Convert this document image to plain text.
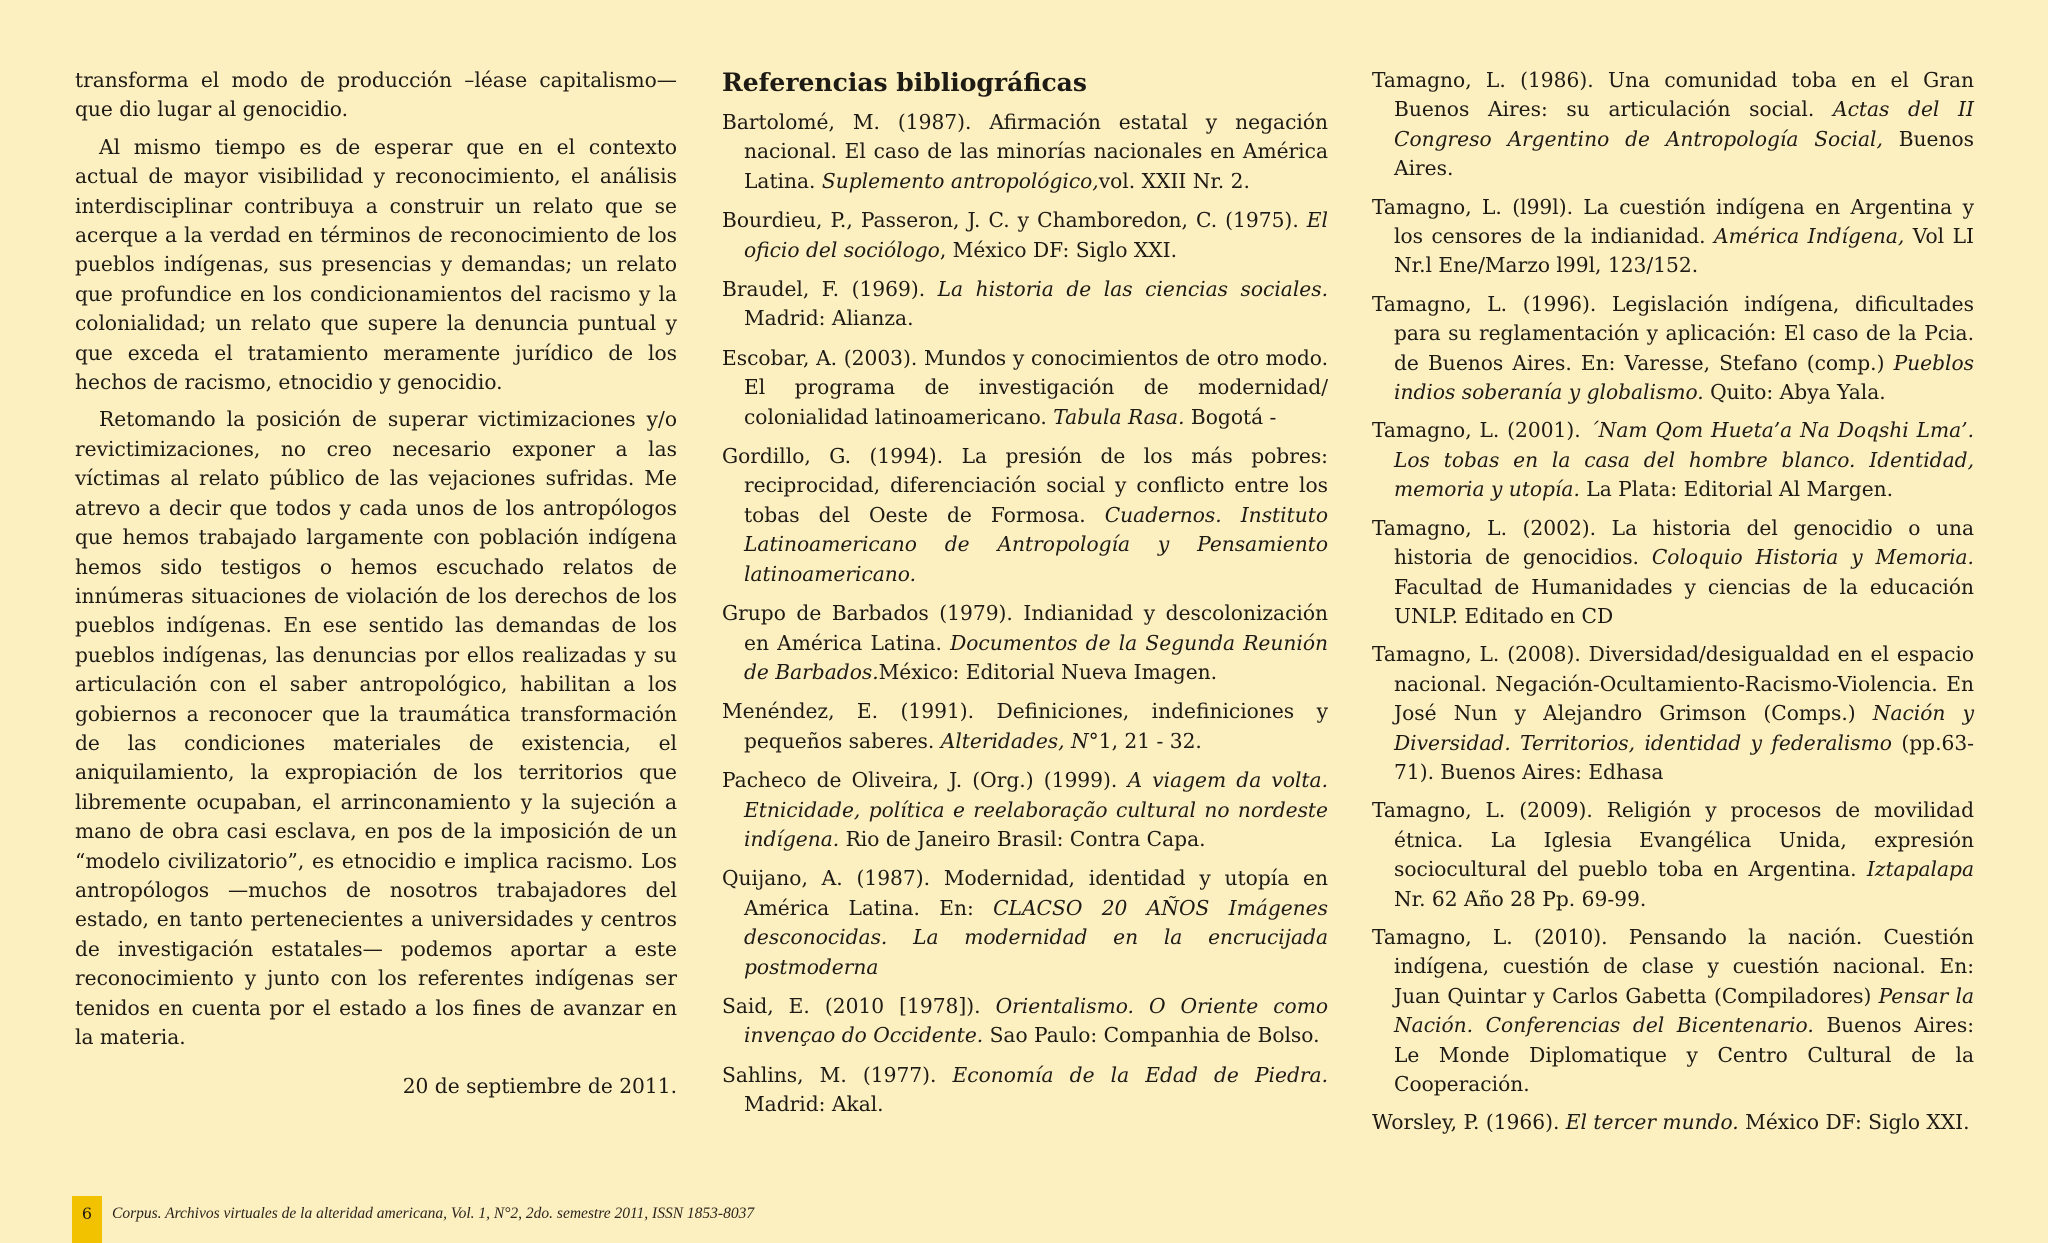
transforma el modo de producción –léase capitalismo— que dio lugar al genocidio.

Al mismo tiempo es de esperar que en el contexto actual de mayor visibilidad y reconocimiento, el análisis interdisciplinar contribuya a construir un relato que se acerque a la verdad en términos de reconocimiento de los pueblos indígenas, sus presencias y demandas; un relato que profundice en los condicionamientos del racismo y la colonialidad; un relato que supere la denuncia puntual y que exceda el tratamiento meramente jurídico de los hechos de racismo, etnocidio y genocidio.

Retomando la posición de superar victimizaciones y/o revictimizaciones, no creo necesario exponer a las víctimas al relato público de las vejaciones sufridas. Me atrevo a decir que todos y cada unos de los antropólogos que hemos trabajado largamente con población indígena hemos sido testigos o hemos escuchado relatos de innúmeras situaciones de violación de los derechos de los pueblos indígenas. En ese sentido las demandas de los pueblos indígenas, las denuncias por ellos realizadas y su articulación con el saber antropológico, habilitan a los gobiernos a reconocer que la traumática transformación de las condiciones materiales de existencia, el aniquilamiento, la expropiación de los territorios que libremente ocupaban, el arrinconamiento y la sujeción a mano de obra casi esclava, en pos de la imposición de un “modelo civilizatorio”, es etnocidio e implica racismo. Los antropólogos —muchos de nosotros trabajadores del estado, en tanto pertenecientes a universidades y centros de investigación estatales— podemos aportar a este reconocimiento y junto con los referentes indígenas ser tenidos en cuenta por el estado a los fines de avanzar en la materia.

20 de septiembre de 2011.
Referencias bibliográficas

Bartolomé, M. (1987). Afirmación estatal y negación nacional. El caso de las minorías nacionales en América Latina. Suplemento antropológico,vol. XXII Nr. 2.

Bourdieu, P., Passeron, J. C. y Chamboredon, C. (1975). El oficio del sociólogo, México DF: Siglo XXI.

Braudel, F. (1969). La historia de las ciencias sociales. Madrid: Alianza.

Escobar, A. (2003). Mundos y conocimientos de otro modo. El programa de investigación de modernidad/ colonialidad latinoamericano. Tabula Rasa. Bogotá -

Gordillo, G. (1994). La presión de los más pobres: reciprocidad, diferenciación social y conflicto entre los tobas del Oeste de Formosa. Cuadernos. Instituto Latinoamericano de Antropología y Pensamiento latinoamericano.

Grupo de Barbados (1979). Indianidad y descolonización en América Latina. Documentos de la Segunda Reunión de Barbados.México: Editorial Nueva Imagen.

Menéndez, E. (1991). Definiciones, indefiniciones y pequeños saberes. Alteridades, N°1, 21 - 32.

Pacheco de Oliveira, J. (Org.) (1999). A viagem da volta. Etnicidade, política e reelaboração cultural no nordeste indígena. Rio de Janeiro Brasil: Contra Capa.

Quijano, A. (1987). Modernidad, identidad y utopía en América Latina. En: CLACSO 20 AÑOS Imágenes desconocidas. La modernidad en la encrucijada postmoderna

Said, E. (2010 [1978]). Orientalismo. O Oriente como invençao do Occidente. Sao Paulo: Companhia de Bolso.

Sahlins, M. (1977). Economía de la Edad de Piedra. Madrid: Akal.

Tamagno, L. (1986). Una comunidad toba en el Gran Buenos Aires: su articulación social. Actas del II Congreso Argentino de Antropología Social, Buenos Aires.

Tamagno, L. (l99l). La cuestión indígena en Argentina y los censores de la indianidad. América Indígena, Vol LI Nr.l Ene/Marzo l99l, 123/152.

Tamagno, L. (1996). Legislación indígena, dificultades para su reglamentación y aplicación: El caso de la Pcia. de Buenos Aires. En: Varesse, Stefano (comp.) Pueblos indios soberanía y globalismo. Quito: Abya Yala.

Tamagno, L. (2001). ´Nam Qom Hueta’a Na Doqshi Lma’. Los tobas en la casa del hombre blanco. Identidad, memoria y utopía. La Plata: Editorial Al Margen.

Tamagno, L. (2002). La historia del genocidio o una historia de genocidios. Coloquio Historia y Memoria. Facultad de Humanidades y ciencias de la educación UNLP. Editado en CD

Tamagno, L. (2008). Diversidad/desigualdad en el espacio nacional. Negación-Ocultamiento-Racismo-Violencia. En José Nun y Alejandro Grimson (Comps.) Nación y Diversidad. Territorios, identidad y federalismo (pp.63-71). Buenos Aires: Edhasa

Tamagno, L. (2009). Religión y procesos de movilidad étnica. La Iglesia Evangélica Unida, expresión sociocultural del pueblo toba en Argentina. Iztapalapa Nr. 62 Año 28 Pp. 69-99.

Tamagno, L. (2010). Pensando la nación. Cuestión indígena, cuestión de clase y cuestión nacional. En: Juan Quintar y Carlos Gabetta (Compiladores) Pensar la Nación. Conferencias del Bicentenario. Buenos Aires: Le Monde Diplomatique y Centro Cultural de la Cooperación.

Worsley, P. (1966). El tercer mundo. México DF: Siglo XXI.

6	Corpus. Archivos virtuales de la alteridad americana, Vol. 1, N°2, 2do. semestre 2011, ISSN 1853-8037
